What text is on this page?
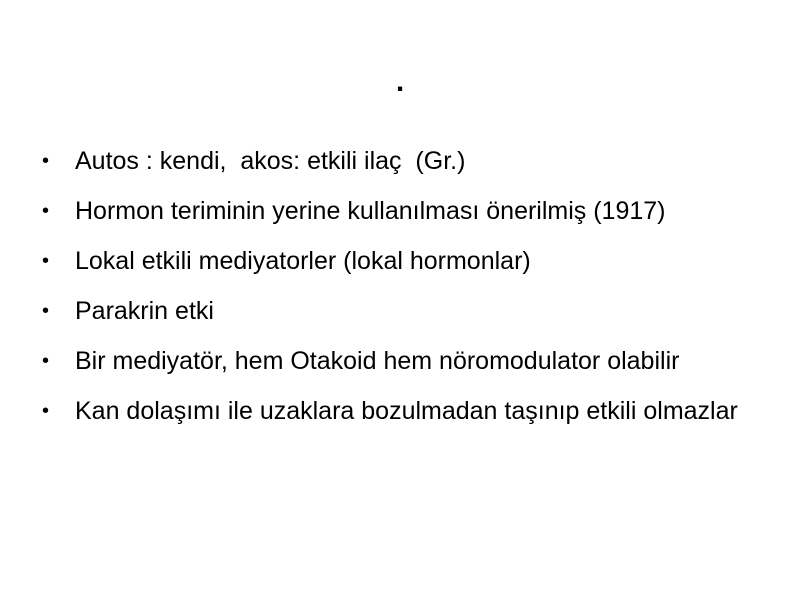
.
• Autos : kendi,  akos: etkili ilaç  (Gr.)
• Hormon teriminin yerine kullanılması önerilmiş (1917)
• Lokal etkili mediyatorler (lokal hormonlar)
• Parakrin etki
• Bir mediyatör, hem Otakoid hem nöromodulator olabilir
• Kan dolaşımı ile uzaklara bozulmadan taşınıp etkili olmazlar
